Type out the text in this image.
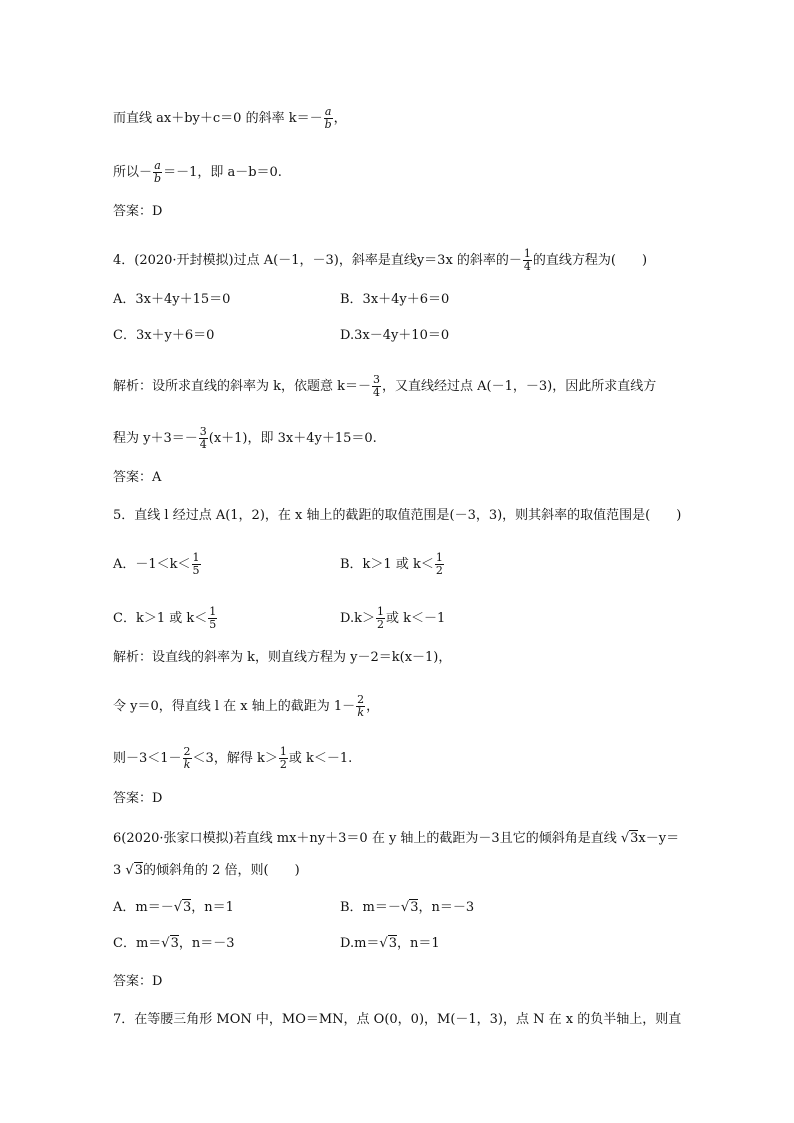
而直线 ax＋by＋c＝0 的斜率 $k=- \frac{a}{b}$ ，
所以－ $\frac{a}{b} =-1$，即 a－b＝0.
答案：D
4．(2020·开封模拟)过点 A(－1，－3)，斜率是直线y＝3x 的斜率的－ $\frac{1}{4}$ 的直线方程为(　　)
A．3x＋4y＋15＝0	B．3x＋4y＋6＝0
C．3x＋y＋6＝0	D.3x－4y＋10＝0
解析：设所求直线的斜率为 k，依题意 $k=- \frac{3}{4}$ ，又直线经过点 A(－1，－3)，因此所求直线方
程为 $y+3=- \frac{3}{4} (x+1)$，即 3x＋4y＋15＝0.
答案：A
5．直线 l 经过点 A(1，2)，在 x 轴上的截距的取值范围是(－3，3)，则其斜率的取值范围是(　　)
A．$-1<k< \frac{1}{5}$	B．k＞1 或 $k< \frac{1}{2}$
C．k＞1 或 $k< \frac{1}{5}$	$D.k> \frac{1}{2}$ 或 k＜－1
解析：设直线的斜率为 k，则直线方程为 y－2＝k(x－1)，
令 y＝0，得直线 l 在 x 轴上的截距为 $1- \frac{2}{k}$ ，
则$-3<1- \frac{2}{k} <3$，解得 $k> \frac{1}{2}$ 或 k＜－1.
答案：D
6(2020·张家口模拟)若直线 mx＋ny＋3＝0 在 y 轴上的截距为－3且它的倾斜角是直线 √3x－y＝
3 √3的倾斜角的 2 倍，则(　　)
A．m＝－√3，n＝1	B．m＝－√3，n＝－3
C．m＝√3，n＝－3	D.m＝√3，n＝1
答案：D
7．在等腰三角形 MON 中，MO＝MN，点 O(0，0)，M(－1，3)，点 N 在 x 的负半轴上，则直
